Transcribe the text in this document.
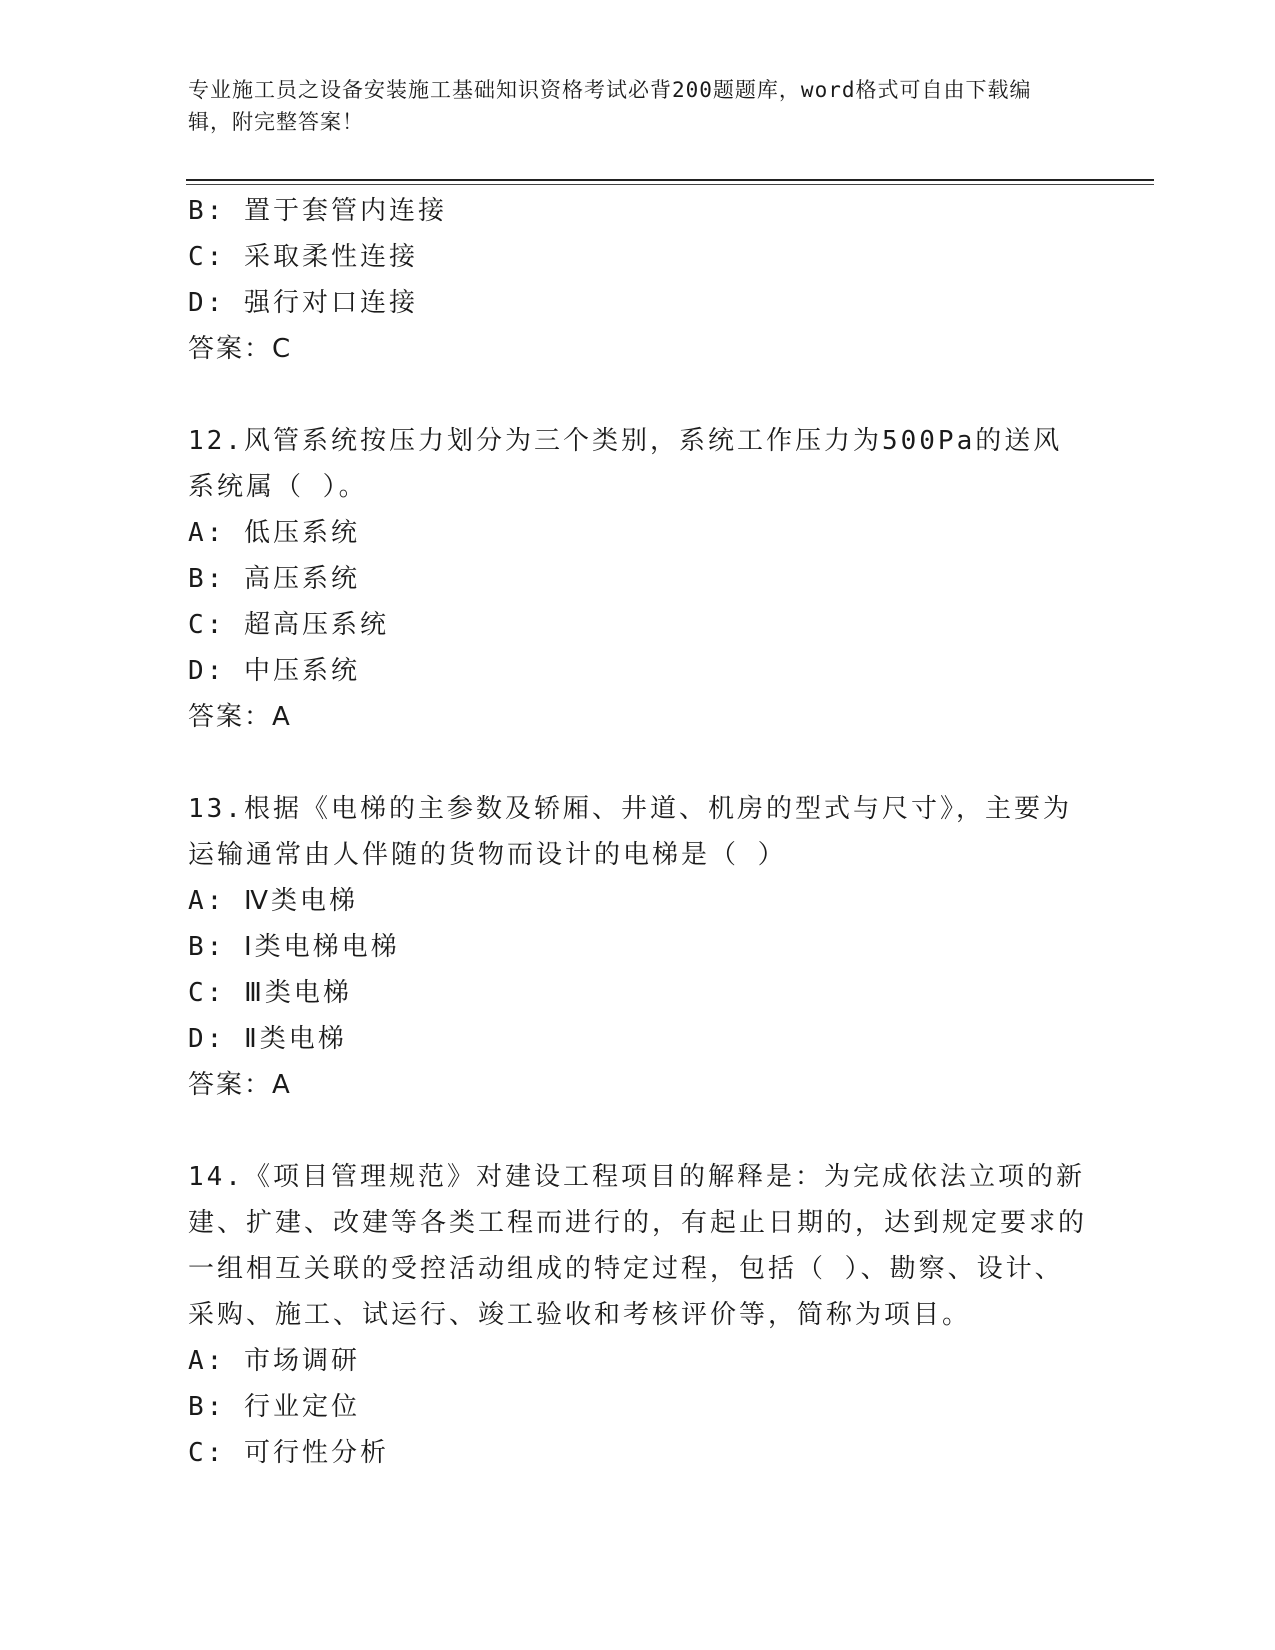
专业施工员之设备安装施工基础知识资格考试必背200题题库，word格式可自由下载编辑，附完整答案！
B: 置于套管内连接
C: 采取柔性连接
D: 强行对口连接
答案：C
12.风管系统按压力划分为三个类别，系统工作压力为500Pa的送风系统属（ ）。
A: 低压系统
B: 高压系统
C: 超高压系统
D: 中压系统
答案：A
13.根据《电梯的主参数及轿厢、井道、机房的型式与尺寸》，主要为运输通常由人伴随的货物而设计的电梯是（ ）
A: Ⅳ类电梯
B: Ⅰ类电梯电梯
C: Ⅲ类电梯
D: Ⅱ类电梯
答案：A
14.《项目管理规范》对建设工程项目的解释是：为完成依法立项的新建、扩建、改建等各类工程而进行的，有起止日期的，达到规定要求的一组相互关联的受控活动组成的特定过程，包括（ ）、勘察、设计、采购、施工、试运行、竣工验收和考核评价等，简称为项目。
A: 市场调研
B: 行业定位
C: 可行性分析
